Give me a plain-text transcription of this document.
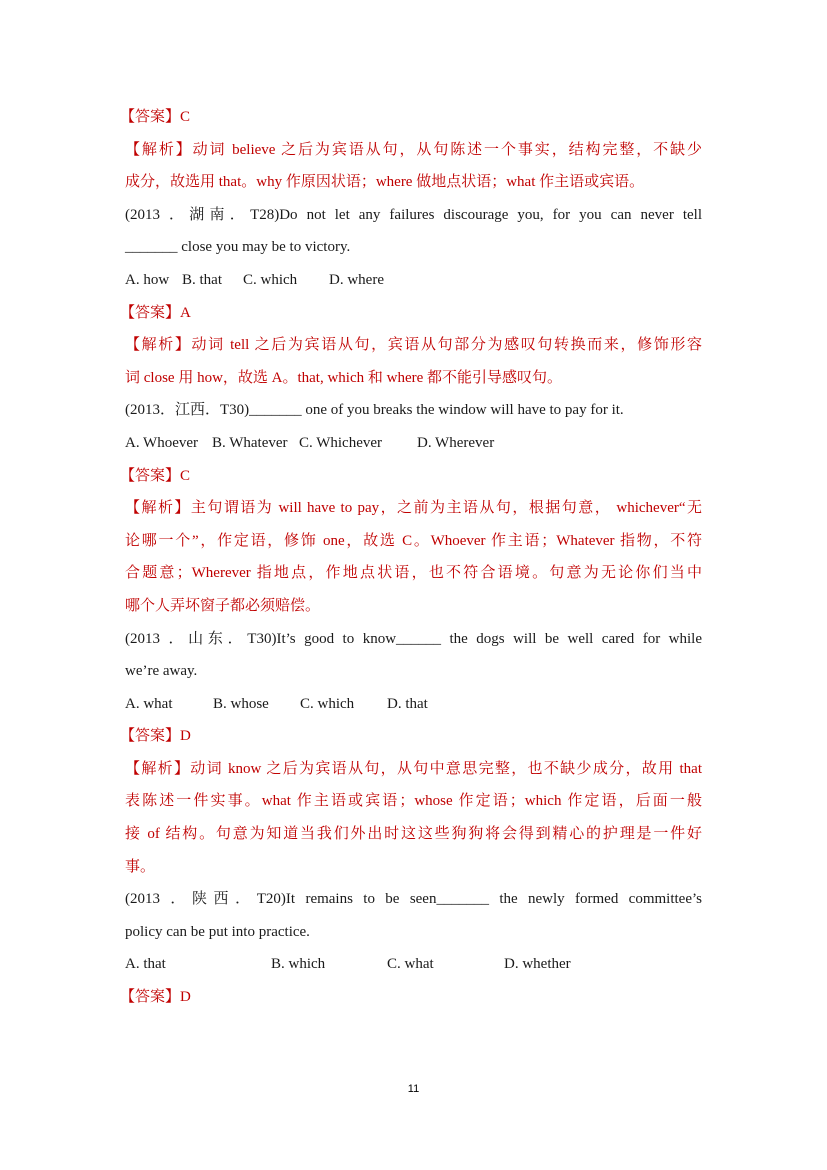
【答案】C
【解析】动词 believe 之后为宾语从句，从句陈述一个事实，结构完整，不缺少
成分，故选用 that。why 作原因状语；where 做地点状语；what 作主语或宾语。
(2013 ．湖南．T28)Do not let any failures discourage you, for you can never tell
_______ close you may be to victory.
A. how B. that C. which D. where
【答案】A
【解析】动词 tell 之后为宾语从句，宾语从句部分为感叹句转换而来，修饰形容
词 close 用 how，故选 A。that, which 和 where 都不能引导感叹句。
(2013．江西．T30)_______ one of you breaks the window will have to pay for it.
A. Whoever B. Whatever C. Whichever D. Wherever
【答案】C
【解析】主句谓语为 will have to pay，之前为主语从句，根据句意， whichever“无
论哪一个”，作定语，修饰 one，故选 C。Whoever 作主语；Whatever 指物，不符
合题意；Wherever 指地点，作地点状语，也不符合语境。句意为无论你们当中
哪个人弄坏窗子都必须赔偿。
(2013 ．山东．T30)It’s good to know______ the dogs will be well cared for while
we’re away.
A. what	B. whose C. which D. that
【答案】D
【解析】动词 know 之后为宾语从句，从句中意思完整，也不缺少成分，故用 that
表陈述一件实事。what 作主语或宾语；whose 作定语；which 作定语，后面一般
接 of 结构。句意为知道当我们外出时这这些狗狗将会得到精心的护理是一件好
事。
(2013 ．陕西．T20)It remains to be seen_______ the newly formed committee’s
policy can be put into practice.
A. that	B. which	C. what	D. whether
【答案】D
11
